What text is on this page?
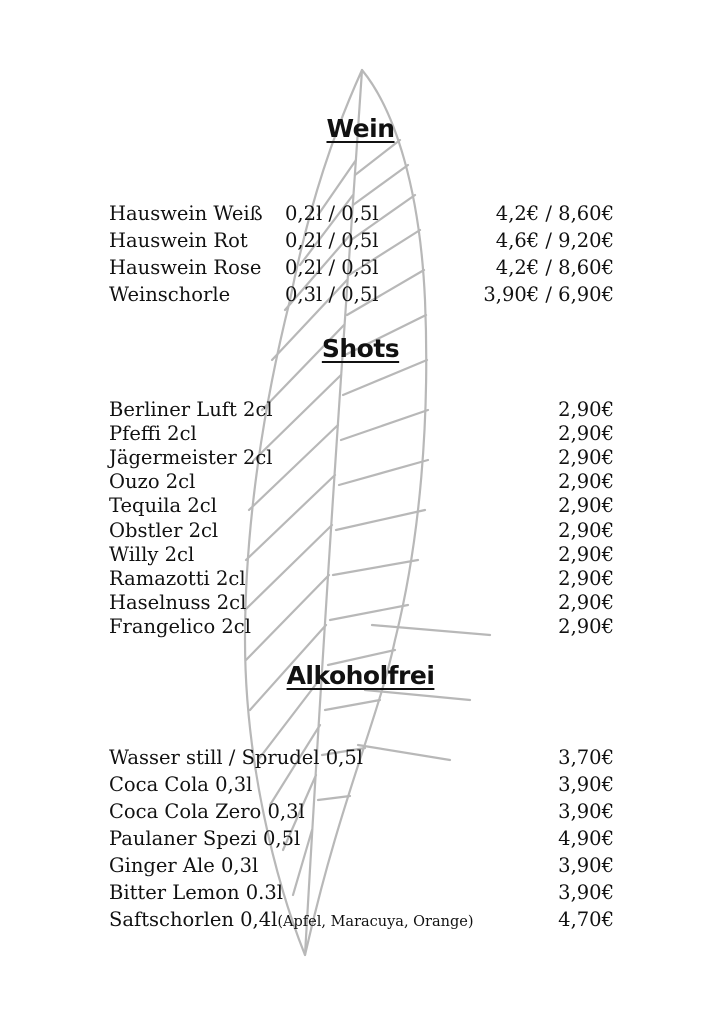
Wein
Hauswein Weiß 0,2l / 0,5l	4,2€ / 8,60€
Hauswein Rot 0,2l / 0,5l	4,6€ / 9,20€
Hauswein Rose 0,2l / 0,5l	4,2€ / 8,60€
Weinschorle	0,3l / 0,5l	3,90€ / 6,90€
Shots
Berliner Luft 2cl	2,90€
Pfeffi 2cl	2,90€
Jägermeister 2cl	2,90€
Ouzo 2cl	2,90€
Tequila 2cl	2,90€
Obstler 2cl	2,90€
Willy 2cl	2,90€
Ramazotti 2cl	2,90€
Haselnuss 2cl	2,90€
Frangelico 2cl	2,90€
Alkoholfrei
Wasser still / Sprudel 0,5l	3,70€
Coca Cola 0,3l	3,90€
Coca Cola Zero 0,3l	3,90€
Paulaner Spezi 0,5l	4,90€
Ginger Ale 0,3l	3,90€
Bitter Lemon 0.3l	3,90€
Saftschorlen 0,4l(Apfel, Maracuya, Orange)	4,70€
